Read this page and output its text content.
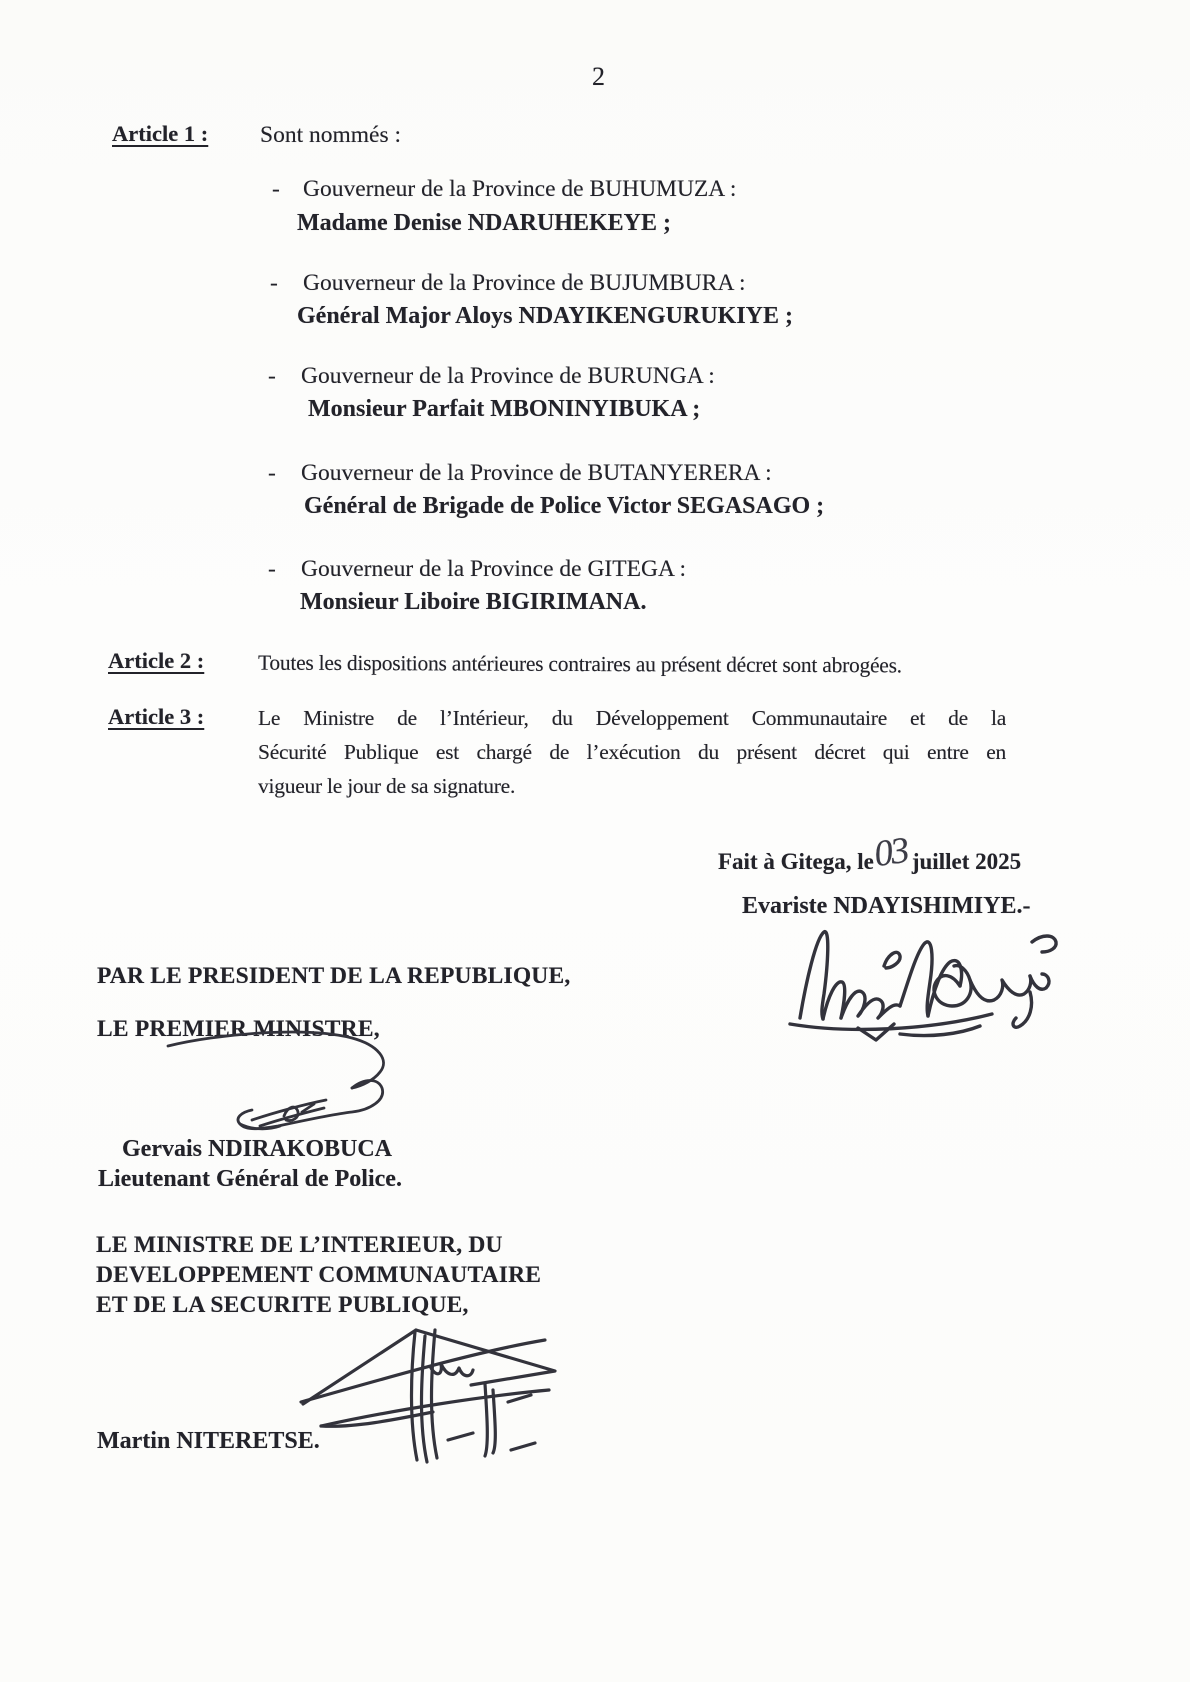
2
Article 1 : Sont nommés :
- Gouverneur de la Province de BUHUMUZA :
Madame Denise NDARUHEKEYE ;
- Gouverneur de la Province de BUJUMBURA :
Général Major Aloys NDAYIKENGURUKIYE ;
- Gouverneur de la Province de BURUNGA :
Monsieur Parfait MBONINYIBUKA ;
- Gouverneur de la Province de BUTANYERERA :
Général de Brigade de Police Victor SEGASAGO ;
- Gouverneur de la Province de GITEGA :
Monsieur Liboire BIGIRIMANA.
Article 2 : Toutes les dispositions antérieures contraires au présent décret sont abrogées.
Article 3 :	Le Ministre de l’Intérieur, du Développement Communautaire et de la
Sécurité Publique est chargé de l’exécution du présent décret qui entre en
vigueur le jour de sa signature.
Fait à Gitega, le03juillet 2025
Evariste NDAYISHIMIYE.-
PAR LE PRESIDENT DE LA REPUBLIQUE,
LE PREMIER MINISTRE,
Gervais NDIRAKOBUCA
Lieutenant Général de Police.
LE MINISTRE DE L’INTERIEUR, DU
DEVELOPPEMENT COMMUNAUTAIRE
ET DE LA SECURITE PUBLIQUE,
Martin NITERETSE.
